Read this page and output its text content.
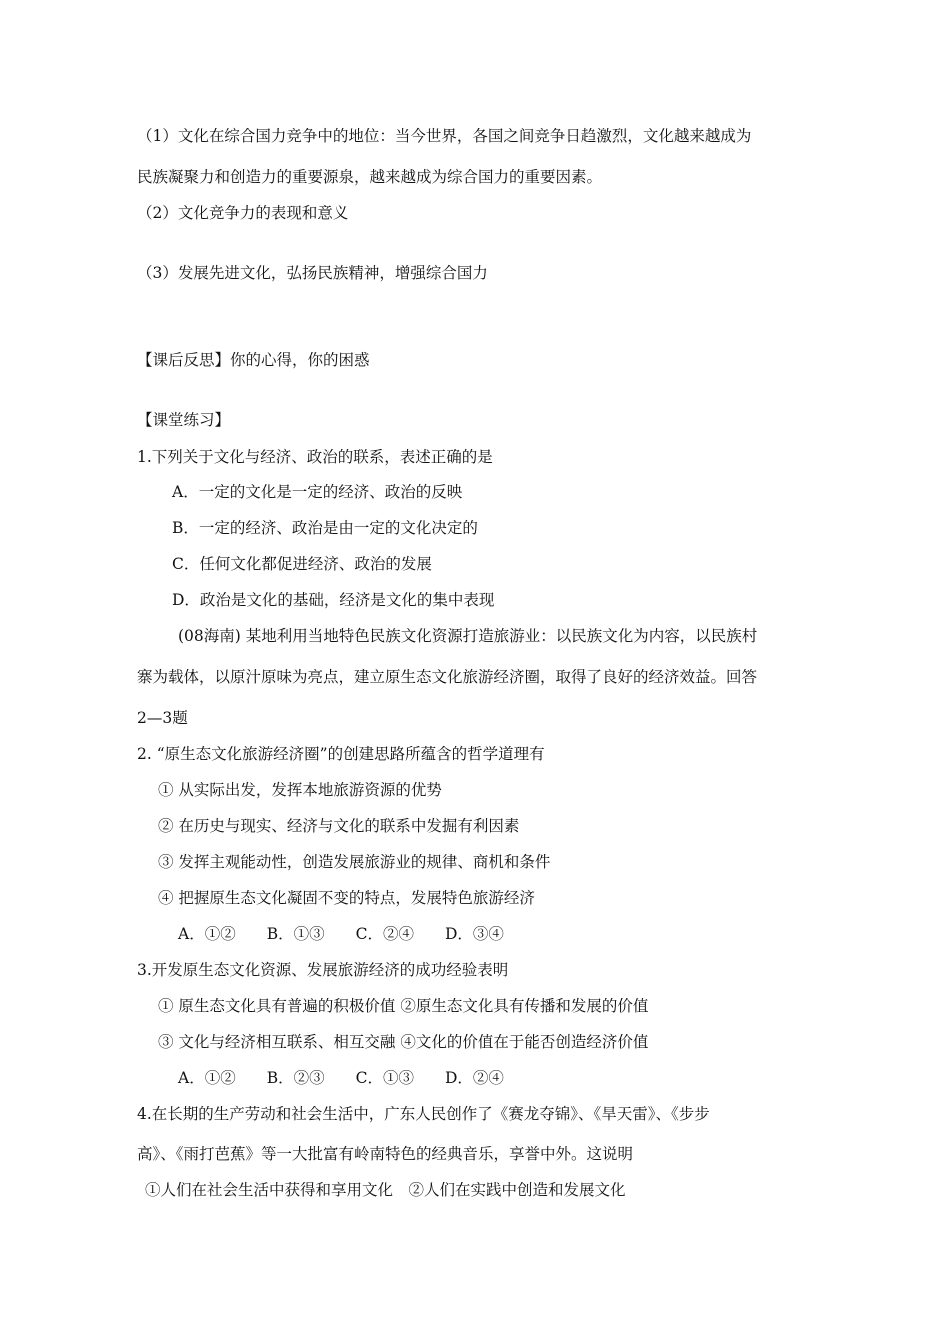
（1）文化在综合国力竞争中的地位：当今世界，各国之间竞争日趋激烈，文化越来越成为
民族凝聚力和创造力的重要源泉，越来越成为综合国力的重要因素。
（2）文化竞争力的表现和意义
（3）发展先进文化，弘扬民族精神，增强综合国力
【课后反思】你的心得，你的困惑
【课堂练习】
1.下列关于文化与经济、政治的联系，表述正确的是
A．一定的文化是一定的经济、政治的反映
B．一定的经济、政治是由一定的文化决定的
C．任何文化都促进经济、政治的发展
D．政治是文化的基础，经济是文化的集中表现
(08海南) 某地利用当地特色民族文化资源打造旅游业：以民族文化为内容，以民族村
寨为载体，以原汁原味为亮点，建立原生态文化旅游经济圈，取得了良好的经济效益。回答
2—3题
2. “原生态文化旅游经济圈”的创建思路所蕴含的哲学道理有
① 从实际出发，发挥本地旅游资源的优势
② 在历史与现实、经济与文化的联系中发掘有利因素
③ 发挥主观能动性，创造发展旅游业的规律、商机和条件
④ 把握原生态文化凝固不变的特点，发展特色旅游经济
A．①②　　B．①③　　C．②④　　D．③④
3.开发原生态文化资源、发展旅游经济的成功经验表明
① 原生态文化具有普遍的积极价值 ②原生态文化具有传播和发展的价值
③ 文化与经济相互联系、相互交融 ④文化的价值在于能否创造经济价值
A．①②　　B．②③　　C．①③　　D．②④
4.在长期的生产劳动和社会生活中，广东人民创作了《赛龙夺锦》、《旱天雷》、《步步
高》、《雨打芭蕉》等一大批富有岭南特色的经典音乐，享誉中外。这说明
①人们在社会生活中获得和享用文化　②人们在实践中创造和发展文化
